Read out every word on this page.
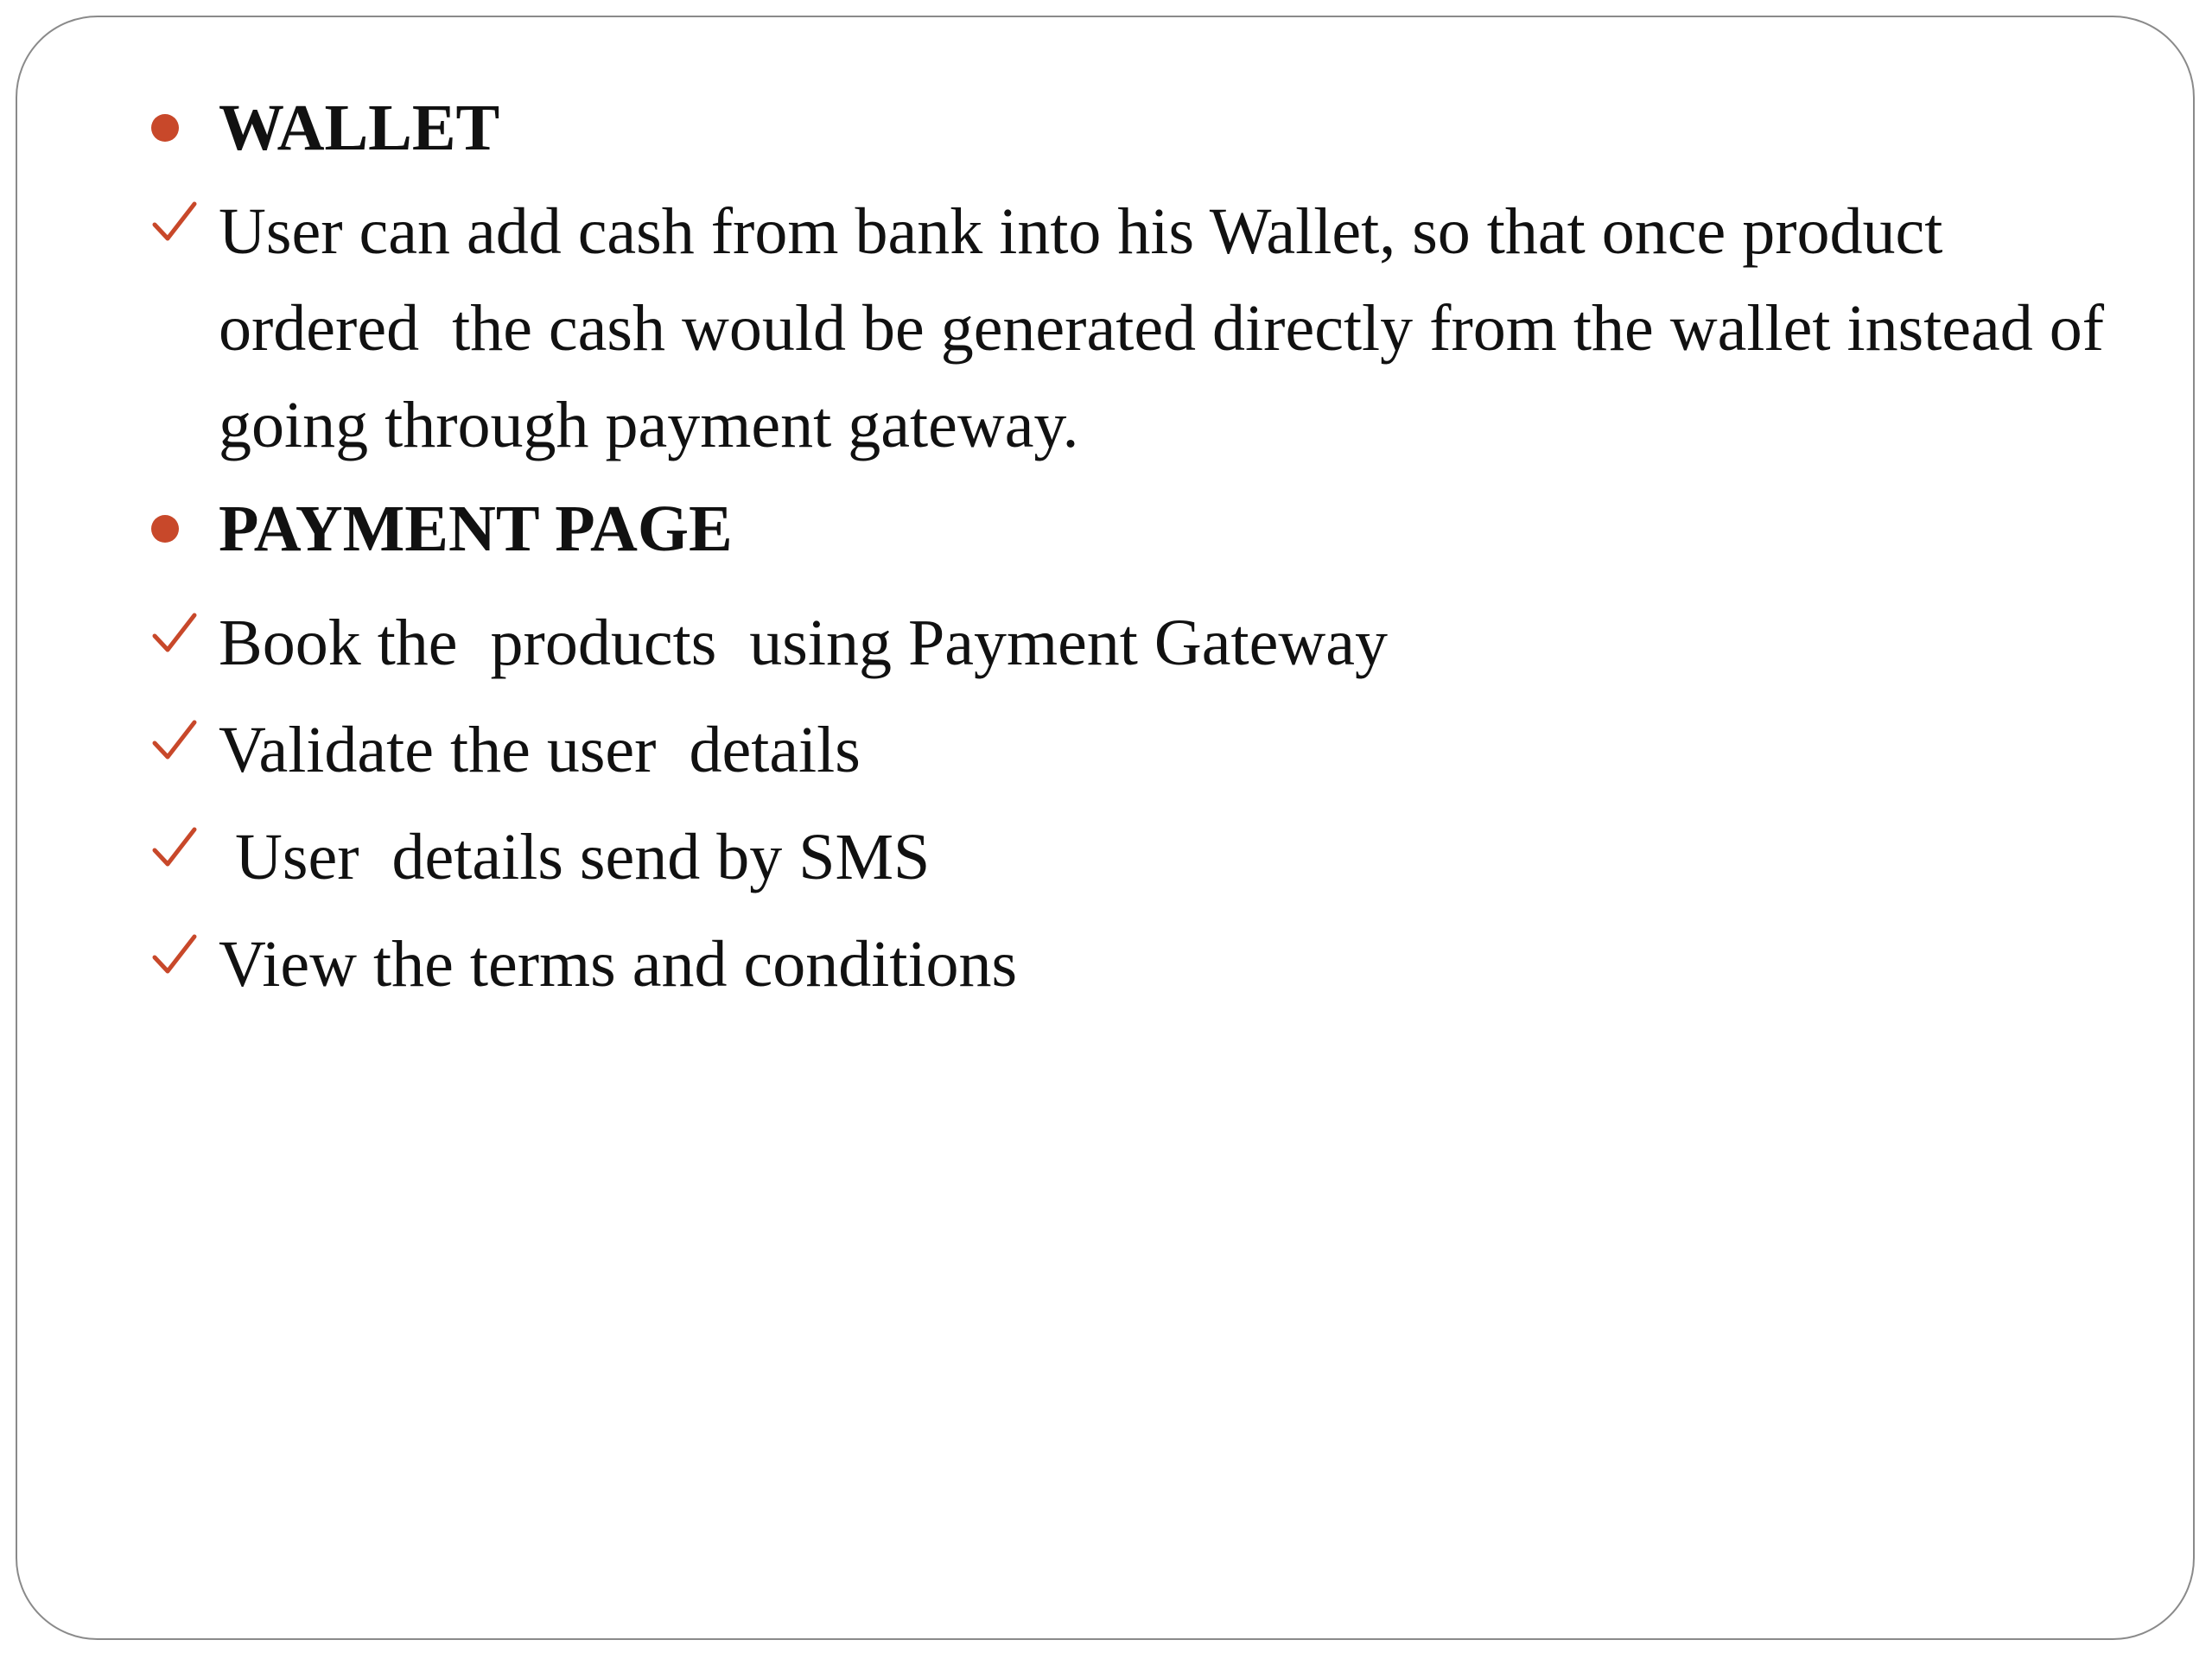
WALLET
User can add cash from bank into his Wallet, so that once product ordered  the cash would be generated directly from the wallet instead of going through payment gateway.
PAYMENT PAGE
Book the  products  using Payment Gateway
Validate the user  details
User  details send by SMS
View the terms and conditions
